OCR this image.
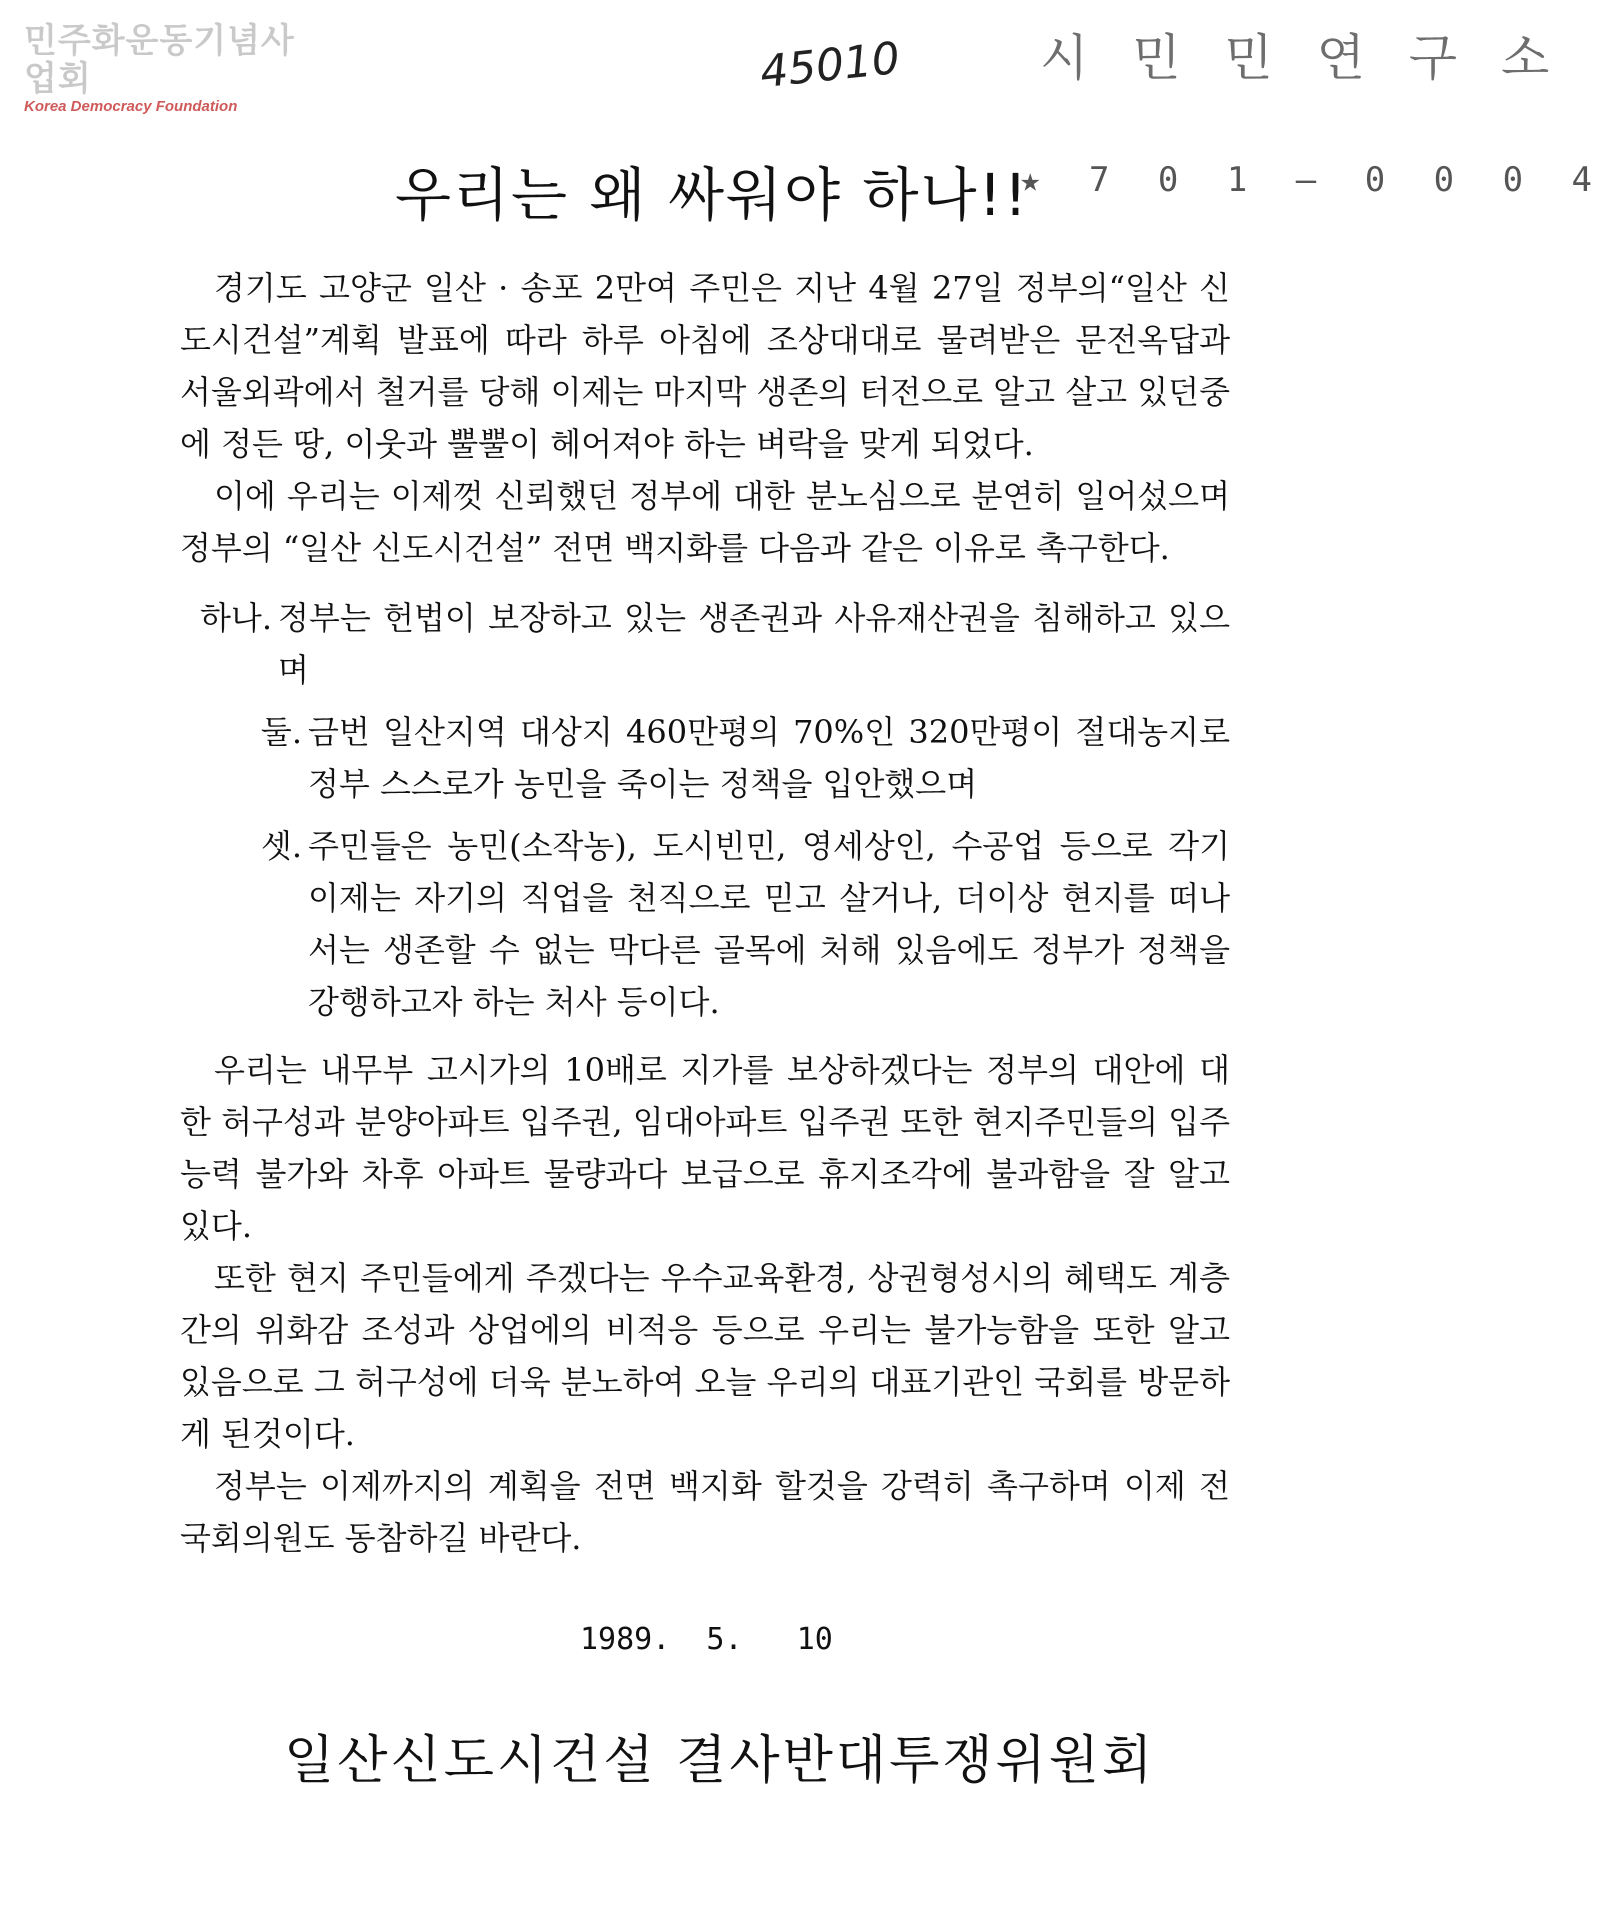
민주화운동기념사업회
Korea Democracy Foundation
45010	시 민 민 연 구 소
우리는 왜 싸워야 하나!!
★ 7 0 1 — 0 0 0 4
경기도 고양군 일산 · 송포 2만여 주민은 지난 4월 27일 정부의“일산 신도시건설”계획 발표에 따라 하루 아침에 조상대대로 물려받은 문전옥답과 서울외곽에서 철거를 당해 이제는 마지막 생존의 터전으로 알고 살고 있던중에 정든 땅, 이웃과 뿔뿔이 헤어져야 하는 벼락을 맞게 되었다.
이에 우리는 이제껏 신뢰했던 정부에 대한 분노심으로 분연히 일어섰으며 정부의 “일산 신도시건설” 전면 백지화를 다음과 같은 이유로 촉구한다.
하나. 정부는 헌법이 보장하고 있는 생존권과 사유재산권을 침해하고 있으며
둘. 금번 일산지역 대상지 460만평의 70%인 320만평이 절대농지로 정부 스스로가 농민을 죽이는 정책을 입안했으며
셋. 주민들은 농민(소작농), 도시빈민, 영세상인, 수공업 등으로 각기 이제는 자기의 직업을 천직으로 믿고 살거나, 더이상 현지를 떠나서는 생존할 수 없는 막다른 골목에 처해 있음에도 정부가 정책을 강행하고자 하는 처사 등이다.
우리는 내무부 고시가의 10배로 지가를 보상하겠다는 정부의 대안에 대한 허구성과 분양아파트 입주권, 임대아파트 입주권 또한 현지주민들의 입주능력 불가와 차후 아파트 물량과다 보급으로 휴지조각에 불과함을 잘 알고 있다.
또한 현지 주민들에게 주겠다는 우수교육환경, 상권형성시의 혜택도 계층간의 위화감 조성과 상업에의 비적응 등으로 우리는 불가능함을 또한 알고 있음으로 그 허구성에 더욱 분노하여 오늘 우리의 대표기관인 국회를 방문하게 된것이다.
정부는 이제까지의 계획을 전면 백지화 할것을 강력히 촉구하며 이제 전 국회의원도 동참하길 바란다.
1989.  5.   10
일산신도시건설 결사반대투쟁위원회
